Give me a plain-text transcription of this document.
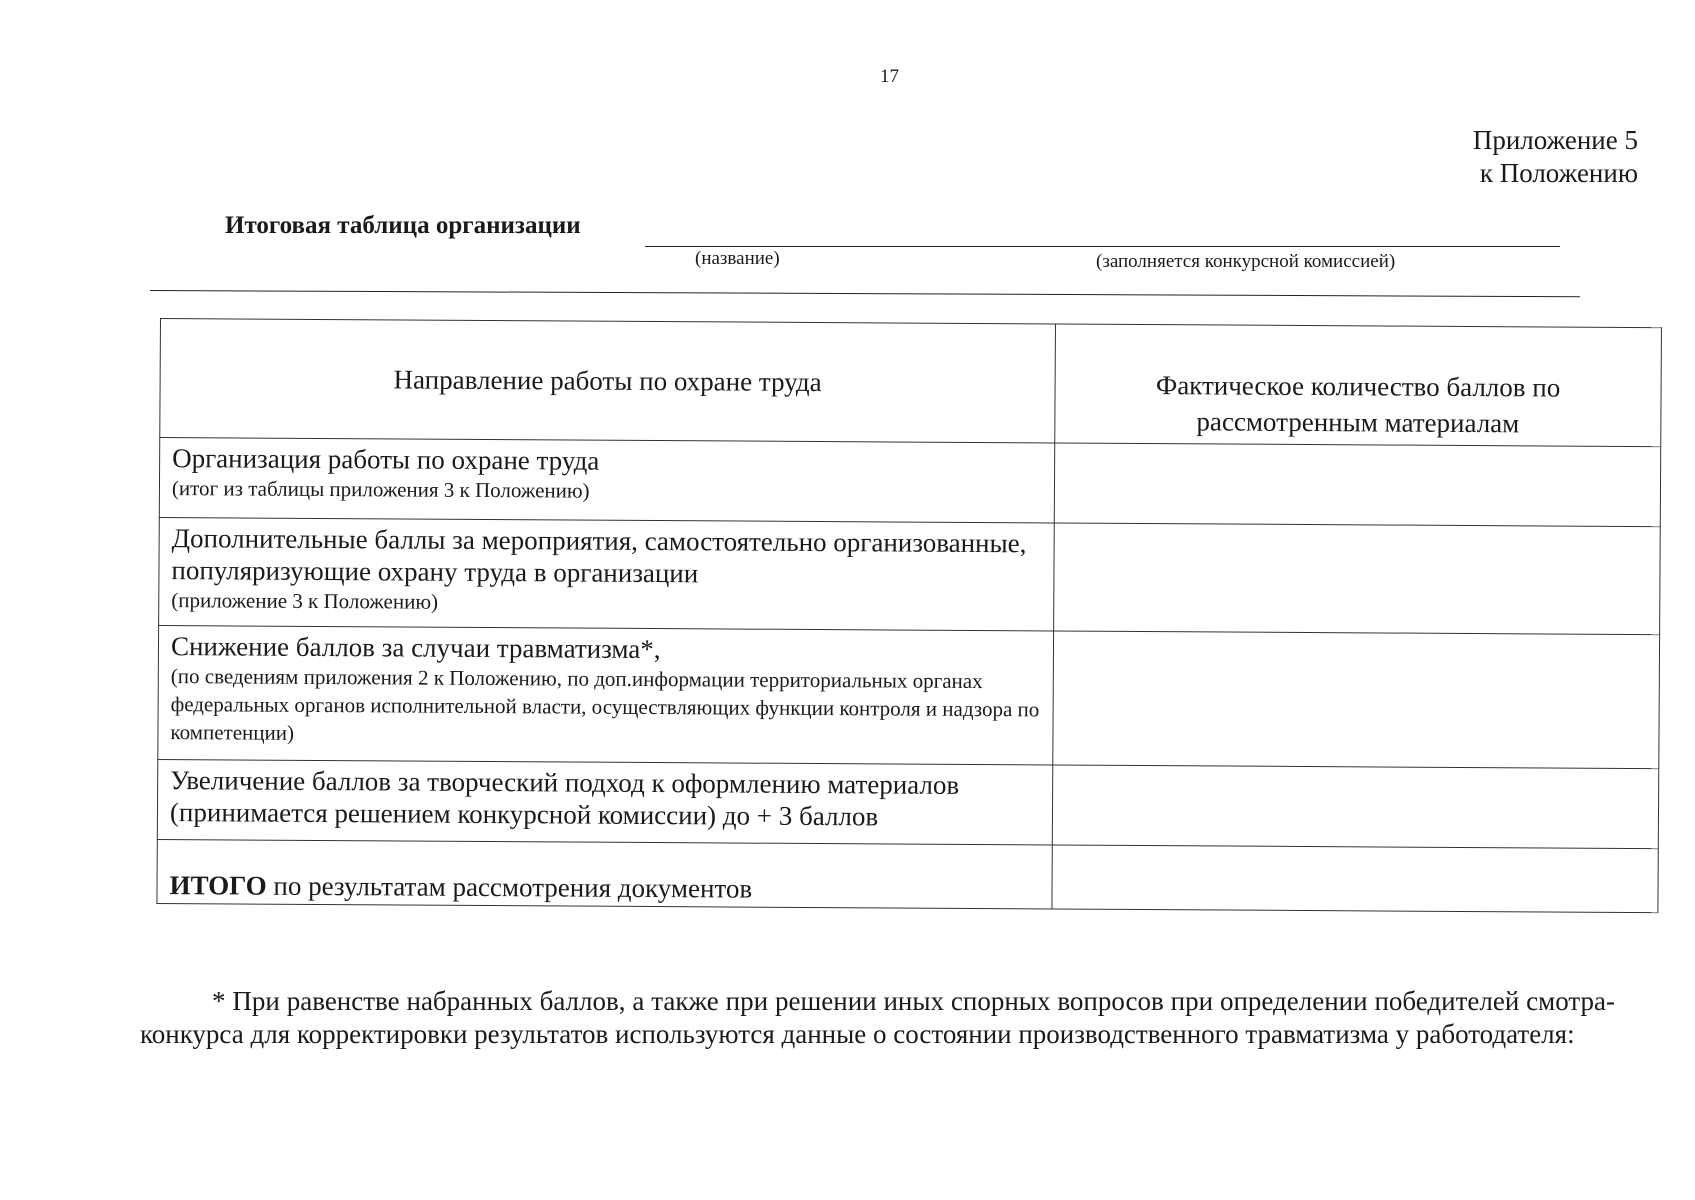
17
Приложение 5
к Положению
Итоговая таблица организации
(название)	(заполняется конкурсной комиссией)
Направление работы по охране труда	Фактическое количество баллов по рассмотренным материалам

Организация работы по охране труда
(итог из таблицы приложения 3 к Положению)	

Дополнительные баллы за мероприятия, самостоятельно организованные, популяризующие охрану труда в организации
(приложение 3 к Положению)	

Снижение баллов за случаи травматизма*,
(по сведениям приложения 2 к Положению, по доп.информации территориальных органах федеральных органов исполнительной власти, осуществляющих функции контроля и надзора по компетенции)	

Увеличение баллов за творческий подход к оформлению материалов (принимается решением конкурсной комиссии) до + 3 баллов	

ИТОГО по результатам рассмотрения документов	

* При равенстве набранных баллов, а также при решении иных спорных вопросов при определении победителей смотра-конкурса для корректировки результатов используются данные о состоянии производственного травматизма у работодателя:
